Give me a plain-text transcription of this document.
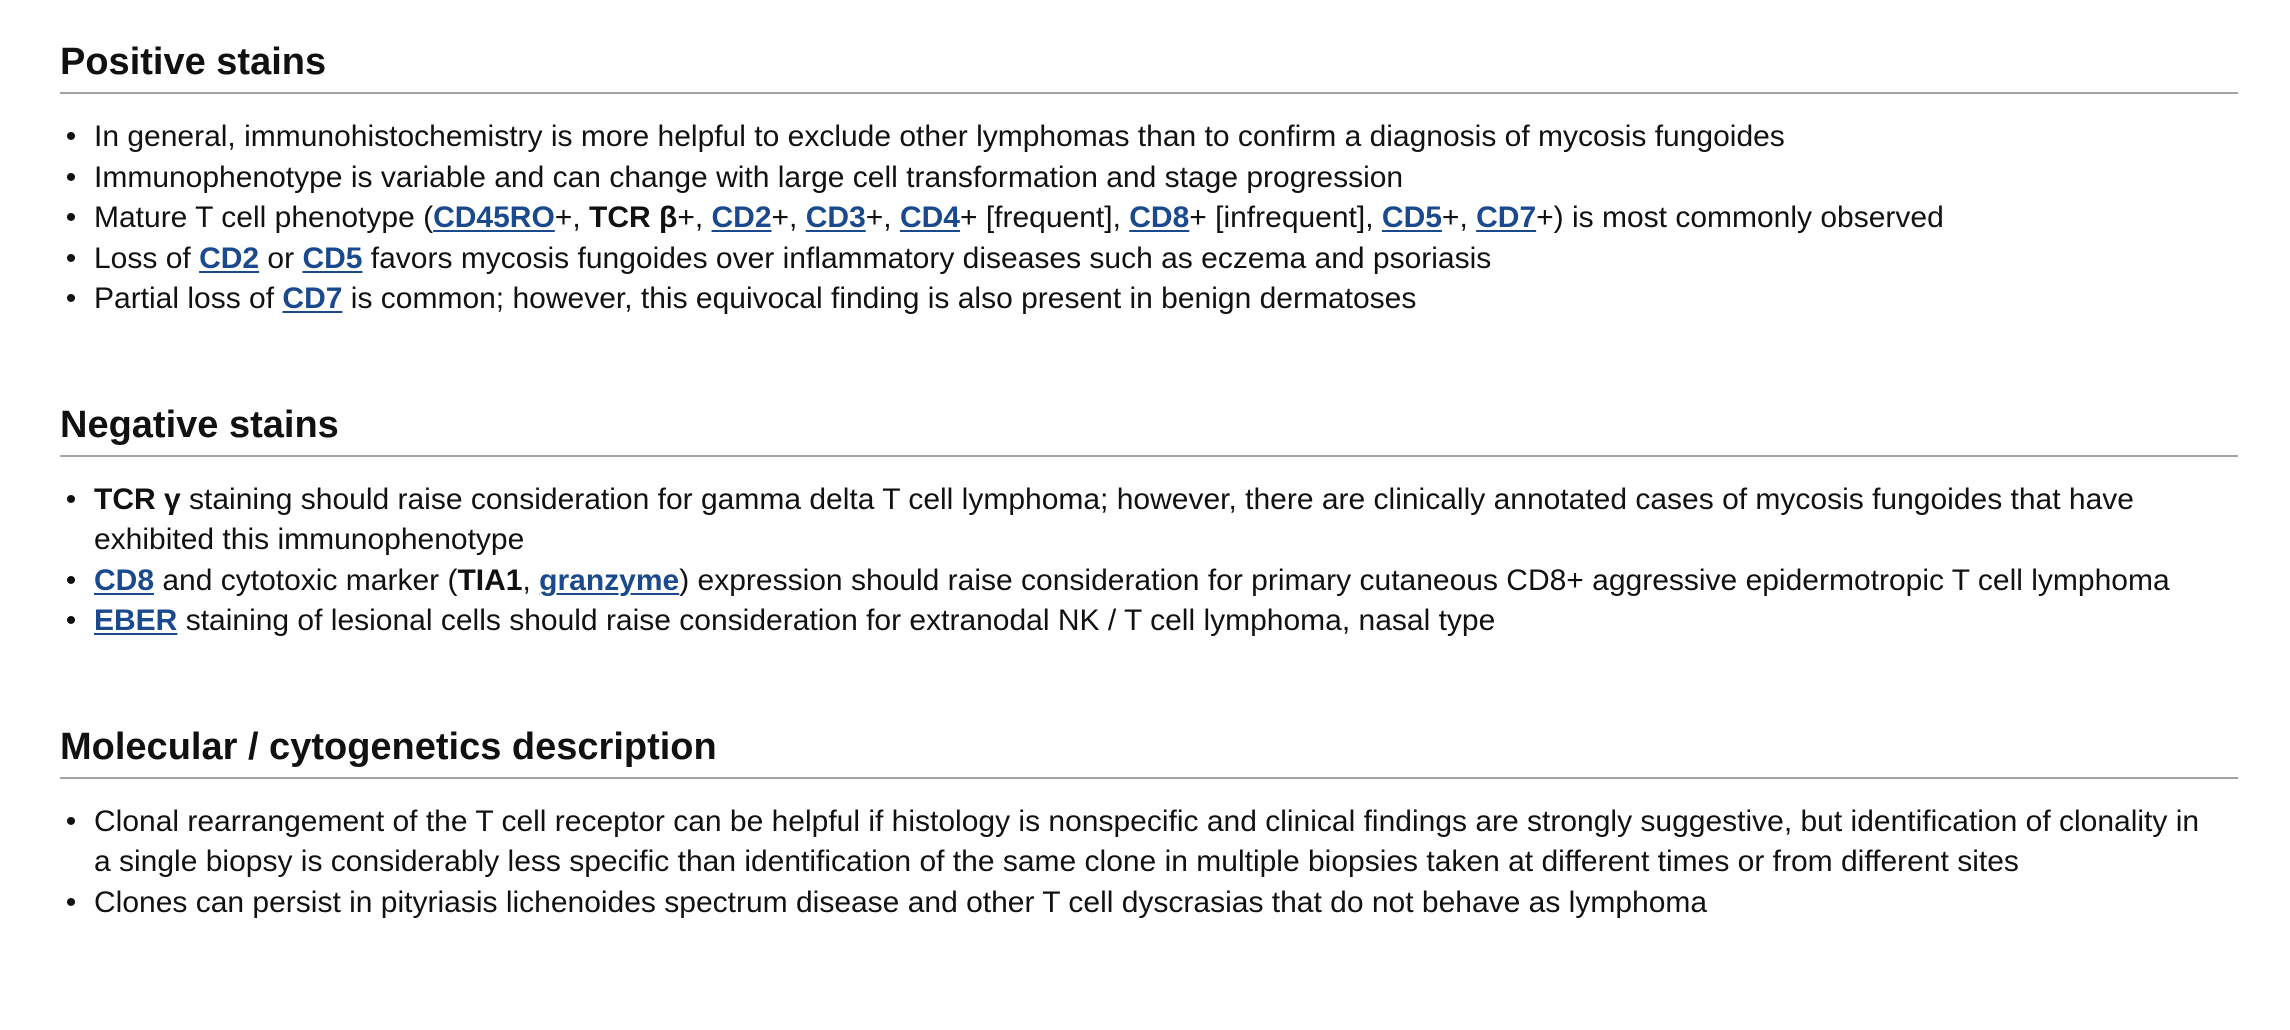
Positive stains
• In general, immunohistochemistry is more helpful to exclude other lymphomas than to confirm a diagnosis of mycosis fungoides
• Immunophenotype is variable and can change with large cell transformation and stage progression
• Mature T cell phenotype (CD45RO+, TCR β+, CD2+, CD3+, CD4+ [frequent], CD8+ [infrequent], CD5+, CD7+) is most commonly observed
• Loss of CD2 or CD5 favors mycosis fungoides over inflammatory diseases such as eczema and psoriasis
• Partial loss of CD7 is common; however, this equivocal finding is also present in benign dermatoses
Negative stains
• TCR γ staining should raise consideration for gamma delta T cell lymphoma; however, there are clinically annotated cases of mycosis fungoides that have exhibited this immunophenotype
• CD8 and cytotoxic marker (TIA1, granzyme) expression should raise consideration for primary cutaneous CD8+ aggressive epidermotropic T cell lymphoma
• EBER staining of lesional cells should raise consideration for extranodal NK / T cell lymphoma, nasal type
Molecular / cytogenetics description
• Clonal rearrangement of the T cell receptor can be helpful if histology is nonspecific and clinical findings are strongly suggestive, but identification of clonality in a single biopsy is considerably less specific than identification of the same clone in multiple biopsies taken at different times or from different sites
• Clones can persist in pityriasis lichenoides spectrum disease and other T cell dyscrasias that do not behave as lymphoma
